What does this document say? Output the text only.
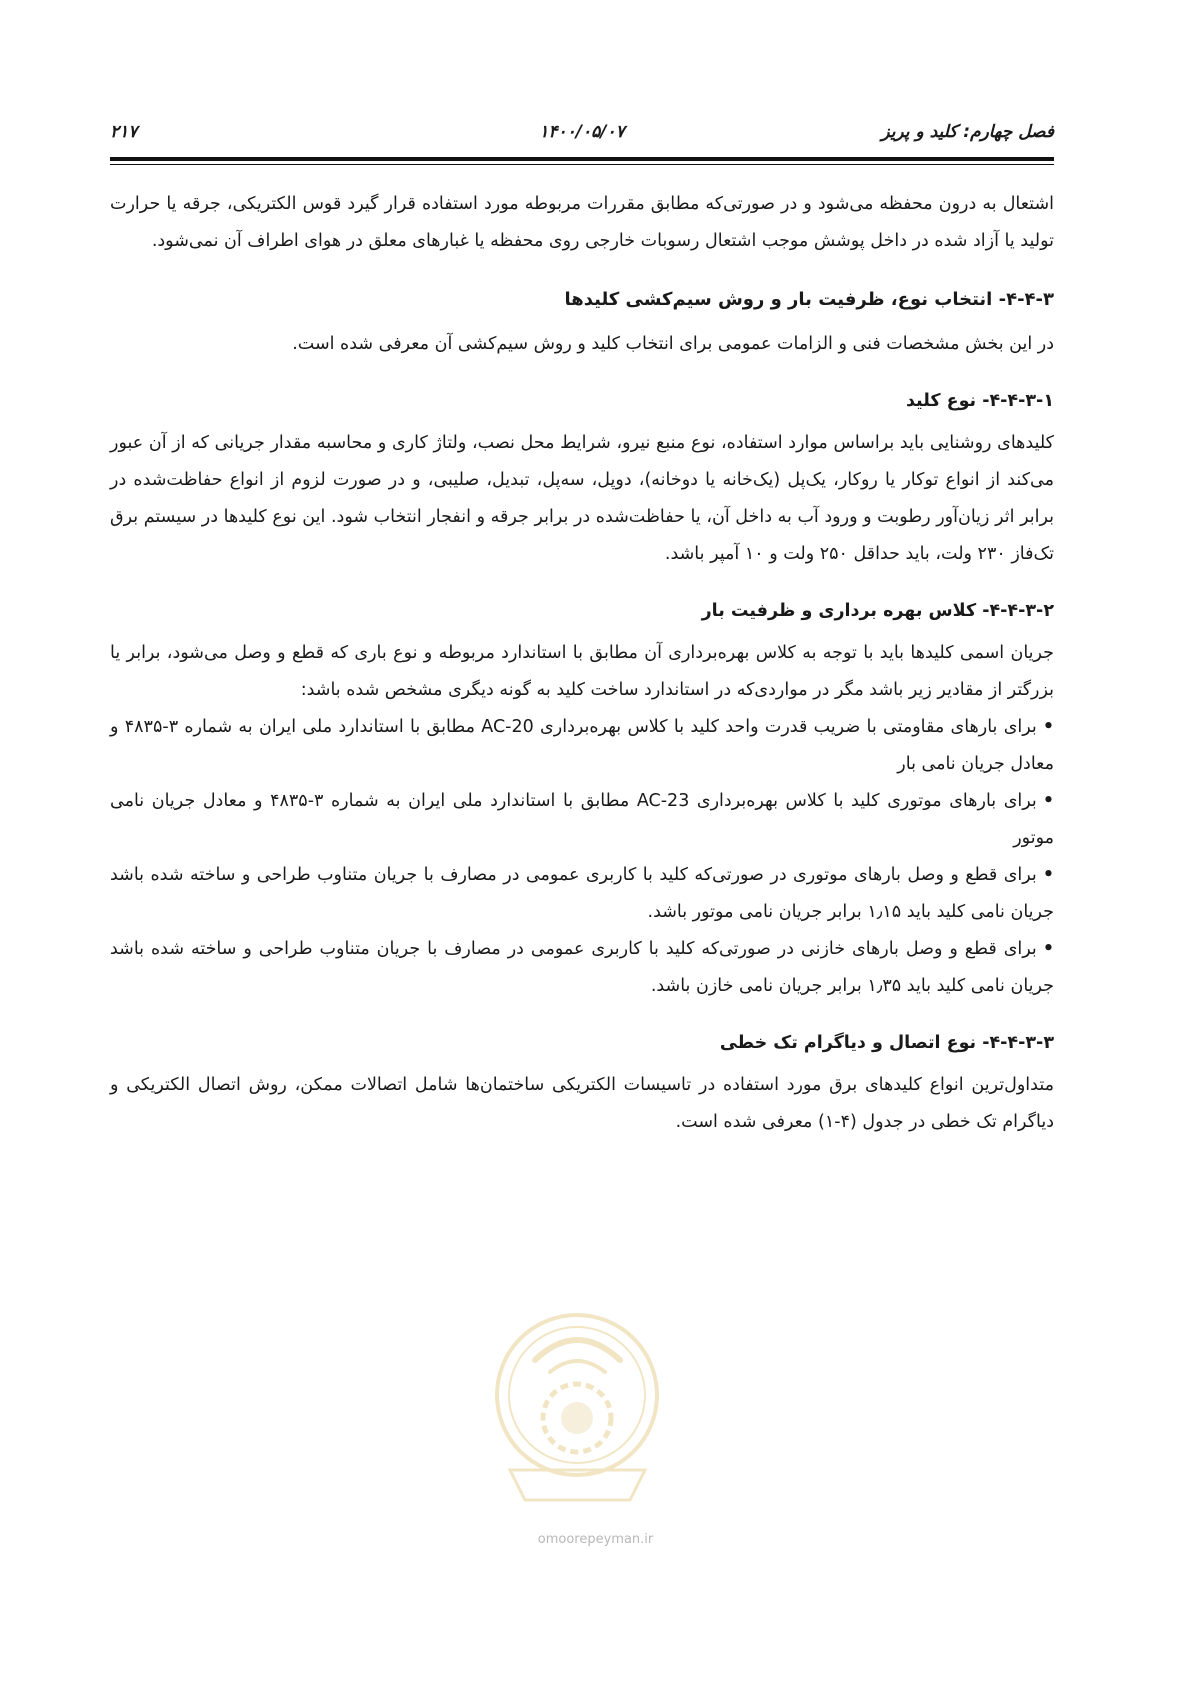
فصل چهارم: کلید و پریز
۱۴۰۰/۰۵/۰۷
۲۱۷

اشتعال به درون محفظه می‌شود و در صورتی‌که مطابق مقررات مربوطه مورد استفاده قرار گیرد قوس الکتریکی، جرقه یا حرارت تولید یا آزاد شده در داخل پوشش موجب اشتعال رسوبات خارجی روی محفظه یا غبارهای معلق در هوای اطراف آن نمی‌شود.

۴-۴-۳- انتخاب نوع، ظرفیت بار و روش سیم‌کشی کلیدها

در این بخش مشخصات فنی و الزامات عمومی برای انتخاب کلید و روش سیم‌کشی آن معرفی شده است.

۴-۴-۳-۱- نوع کلید

کلیدهای روشنایی باید براساس موارد استفاده، نوع منبع نیرو، شرایط محل نصب، ولتاژ کاری و محاسبه مقدار جریانی که از آن عبور می‌کند از انواع توکار یا روکار، یک‌پل (یک‌خانه یا دوخانه)، دوپل، سه‌پل، تبدیل، صلیبی، و در صورت لزوم از انواع حفاظت‌شده در برابر اثر زیان‌آور رطوبت و ورود آب به داخل آن، یا حفاظت‌شده در برابر جرقه و انفجار انتخاب شود. این نوع کلیدها در سیستم برق تک‌فاز ۲۳۰ ولت، باید حداقل ۲۵۰ ولت و ۱۰ آمپر باشد.

۴-۴-۳-۲- کلاس بهره برداری و ظرفیت بار

جریان اسمی کلیدها باید با توجه به کلاس بهره‌برداری آن مطابق با استاندارد مربوطه و نوع باری که قطع و وصل می‌شود، برابر یا بزرگتر از مقادیر زیر باشد مگر در مواردی‌که در استاندارد ساخت کلید به گونه دیگری مشخص شده باشد:

•برای بارهای مقاومتی با ضریب قدرت واحد کلید با کلاس بهره‌برداری AC-20 مطابق با استاندارد ملی ایران به شماره ۳-۴۸۳۵ و معادل جریان نامی بار
•برای بارهای موتوری کلید با کلاس بهره‌برداری AC-23 مطابق با استاندارد ملی ایران به شماره ۳-۴۸۳۵ و معادل جریان نامی موتور
•برای قطع و وصل بارهای موتوری در صورتی‌که کلید با کاربری عمومی در مصارف با جریان متناوب طراحی و ساخته شده باشد جریان نامی کلید باید ۱٫۱۵ برابر جریان نامی موتور باشد.
•برای قطع و وصل بارهای خازنی در صورتی‌که کلید با کاربری عمومی در مصارف با جریان متناوب طراحی و ساخته شده باشد جریان نامی کلید باید ۱٫۳۵ برابر جریان نامی خازن باشد.
۴-۴-۳-۳- نوع اتصال و دیاگرام تک خطی

متداول‌ترین انواع کلیدهای برق مورد استفاده در تاسیسات الکتریکی ساختمان‌ها شامل اتصالات ممکن، روش اتصال الکتریکی و دیاگرام تک خطی در جدول (۴-۱) معرفی شده است.

omoorepeyman.ir
